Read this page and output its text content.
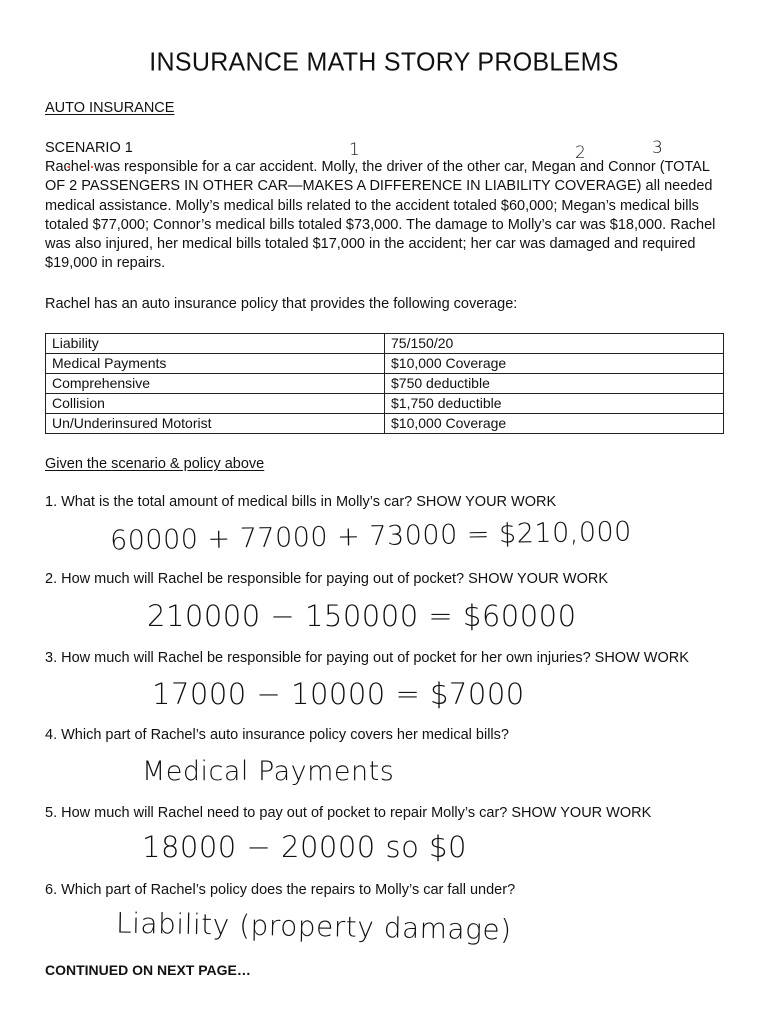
INSURANCE MATH STORY PROBLEMS
AUTO INSURANCE
SCENARIO 1	1	2	3
Rachel was responsible for a car accident. Molly, the driver of the other car, Megan and Connor (TOTAL OF 2 PASSENGERS IN OTHER CAR—MAKES A DIFFERENCE IN LIABILITY COVERAGE) all needed medical assistance. Molly’s medical bills related to the accident totaled $60,000; Megan’s medical bills totaled $77,000; Connor’s medical bills totaled $73,000. The damage to Molly’s car was $18,000. Rachel was also injured, her medical bills totaled $17,000 in the accident; her car was damaged and required $19,000 in repairs.
Rachel has an auto insurance policy that provides the following coverage:
Liability	75/150/20
Medical Payments	$10,000 Coverage
Comprehensive	$750 deductible
Collision	$1,750 deductible
Un/Underinsured Motorist	$10,000 Coverage
Given the scenario & policy above
1. What is the total amount of medical bills in Molly’s car? SHOW YOUR WORK
60000 + 77000 + 73000 = $210,000
2. How much will Rachel be responsible for paying out of pocket? SHOW YOUR WORK
210000 − 150000 = $60000
3. How much will Rachel be responsible for paying out of pocket for her own injuries? SHOW WORK
17000 − 10000 = $7000
4. Which part of Rachel’s auto insurance policy covers her medical bills?
Medical Payments
5. How much will Rachel need to pay out of pocket to repair Molly’s car? SHOW YOUR WORK
18000 − 20000 so $0
6. Which part of Rachel’s policy does the repairs to Molly’s car fall under?
Liability (property damage)
CONTINUED ON NEXT PAGE…
